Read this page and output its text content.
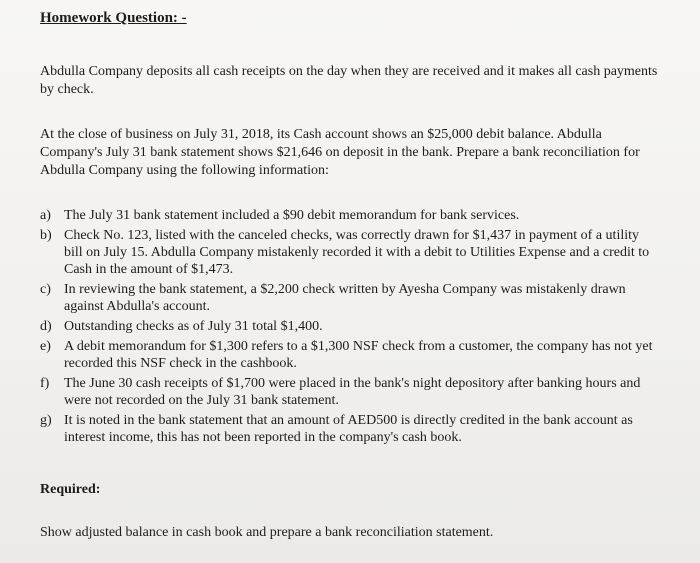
Homework Question: -
Abdulla Company deposits all cash receipts on the day when they are received and it makes all cash payments by check.
At the close of business on July 31, 2018, its Cash account shows an $25,000 debit balance. Abdulla Company's July 31 bank statement shows $21,646 on deposit in the bank. Prepare a bank reconciliation for Abdulla Company using the following information:
a) The July 31 bank statement included a $90 debit memorandum for bank services.
b) Check No. 123, listed with the canceled checks, was correctly drawn for $1,437 in payment of a utility bill on July 15. Abdulla Company mistakenly recorded it with a debit to Utilities Expense and a credit to Cash in the amount of $1,473.
c) In reviewing the bank statement, a $2,200 check written by Ayesha Company was mistakenly drawn against Abdulla's account.
d) Outstanding checks as of July 31 total $1,400.
e) A debit memorandum for $1,300 refers to a $1,300 NSF check from a customer, the company has not yet recorded this NSF check in the cashbook.
f)	The June 30 cash receipts of $1,700 were placed in the bank's night depository after banking hours and were not recorded on the July 31 bank statement.
g) It is noted in the bank statement that an amount of AED500 is directly credited in the bank account as interest income, this has not been reported in the company's cash book.
Required:
Show adjusted balance in cash book and prepare a bank reconciliation statement.
